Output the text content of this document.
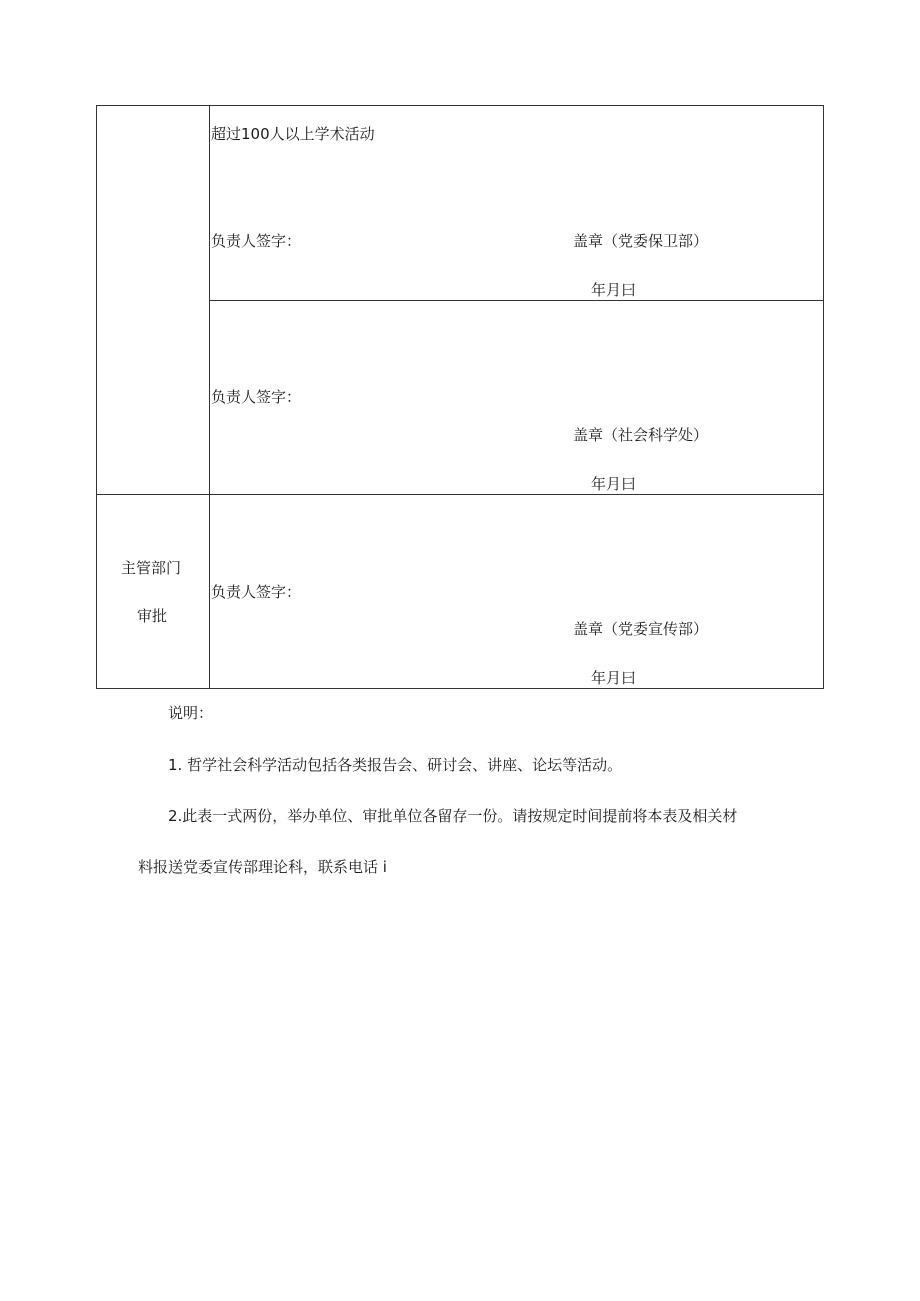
超过100人以上学术活动
负责人签字：	盖章（党委保卫部）
年月曰
负责人签字：
盖章（社会科学处）
年月曰
主管部门
审批
负责人签字：
盖章（党委宣传部）
年月曰
说明：
1. 哲学社会科学活动包括各类报告会、研讨会、讲座、论坛等活动。
2.此表一式两份，举办单位、审批单位各留存一份。请按规定时间提前将本表及相关材
料报送党委宣传部理论科，联系电话 i
